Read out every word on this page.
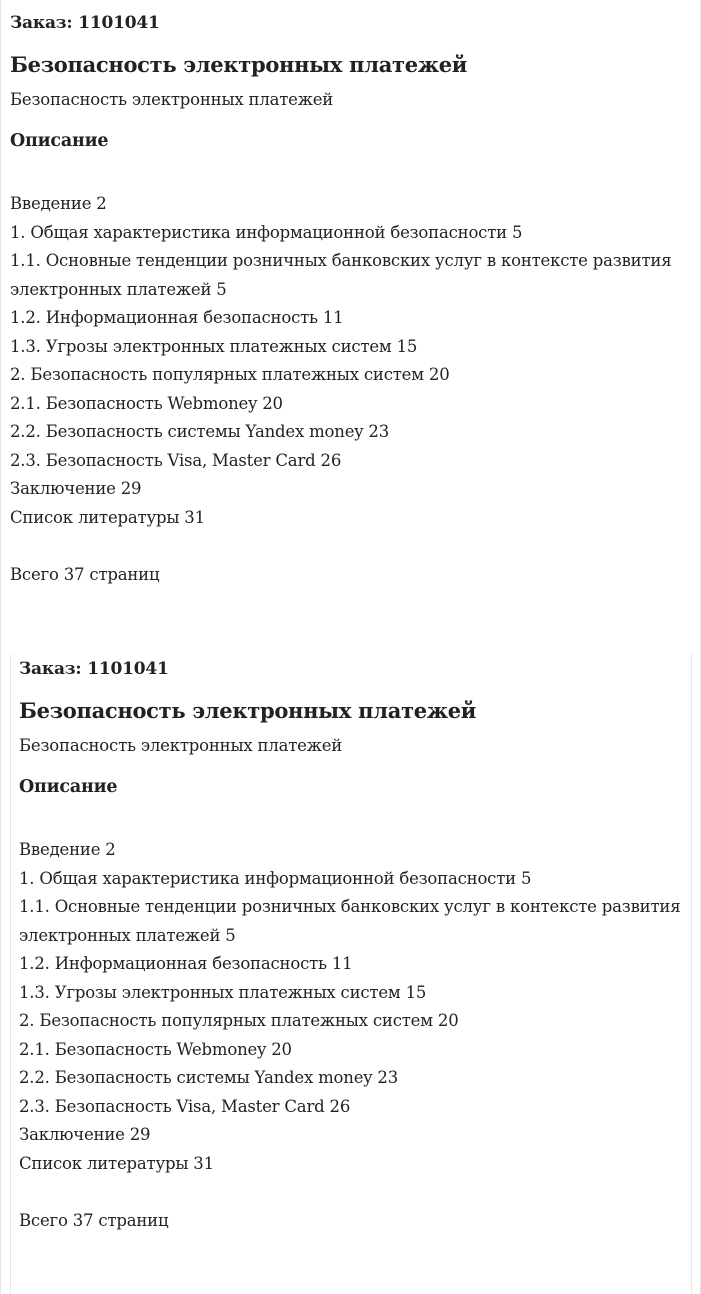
Заказ: 1101041
Безопасность электронных платежей
Безопасность электронных платежей
Описание
Введение 2
1. Общая характеристика информационной безопасности 5
1.1. Основные тенденции розничных банковских услуг в контексте развития электронных платежей 5
1.2. Информационная безопасность 11
1.3. Угрозы электронных платежных систем 15
2. Безопасность популярных платежных систем 20
2.1. Безопасность Webmoney 20
2.2. Безопасность системы Yandex money 23
2.3. Безопасность Visa, Master Card 26
Заключение 29
Список литературы 31
Всего 37 страниц
Заказ: 1101041
Безопасность электронных платежей
Безопасность электронных платежей
Описание
Введение 2
1. Общая характеристика информационной безопасности 5
1.1. Основные тенденции розничных банковских услуг в контексте развития электронных платежей 5
1.2. Информационная безопасность 11
1.3. Угрозы электронных платежных систем 15
2. Безопасность популярных платежных систем 20
2.1. Безопасность Webmoney 20
2.2. Безопасность системы Yandex money 23
2.3. Безопасность Visa, Master Card 26
Заключение 29
Список литературы 31
Всего 37 страниц
